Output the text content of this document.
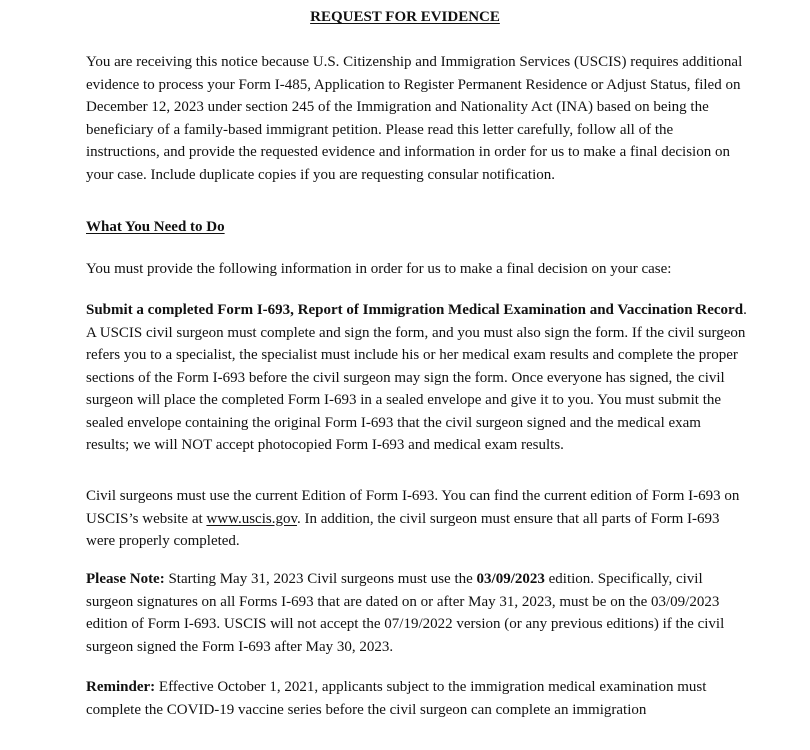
REQUEST FOR EVIDENCE

You are receiving this notice because U.S. Citizenship and Immigration Services (USCIS) requires additional evidence to process your Form I-485, Application to Register Permanent Residence or Adjust Status, filed on December 12, 2023 under section 245 of the Immigration and Nationality Act (INA) based on being the beneficiary of a family-based immigrant petition. Please read this letter carefully, follow all of the instructions, and provide the requested evidence and information in order for us to make a final decision on your case. Include duplicate copies if you are requesting consular notification.

What You Need to Do

You must provide the following information in order for us to make a final decision on your case:

Submit a completed Form I-693, Report of Immigration Medical Examination and Vaccination Record. A USCIS civil surgeon must complete and sign the form, and you must also sign the form. If the civil surgeon refers you to a specialist, the specialist must include his or her medical exam results and complete the proper sections of the Form I-693 before the civil surgeon may sign the form. Once everyone has signed, the civil surgeon will place the completed Form I-693 in a sealed envelope and give it to you. You must submit the sealed envelope containing the original Form I-693 that the civil surgeon signed and the medical exam results; we will NOT accept photocopied Form I-693 and medical exam results.

Civil surgeons must use the current Edition of Form I-693. You can find the current edition of Form I-693 on USCIS’s website at www.uscis.gov. In addition, the civil surgeon must ensure that all parts of Form I-693 were properly completed.

Please Note: Starting May 31, 2023 Civil surgeons must use the 03/09/2023 edition. Specifically, civil surgeon signatures on all Forms I-693 that are dated on or after May 31, 2023, must be on the 03/09/2023 edition of Form I-693. USCIS will not accept the 07/19/2022 version (or any previous editions) if the civil surgeon signed the Form I-693 after May 30, 2023.

Reminder: Effective October 1, 2021, applicants subject to the immigration medical examination must complete the COVID-19 vaccine series before the civil surgeon can complete an immigration
